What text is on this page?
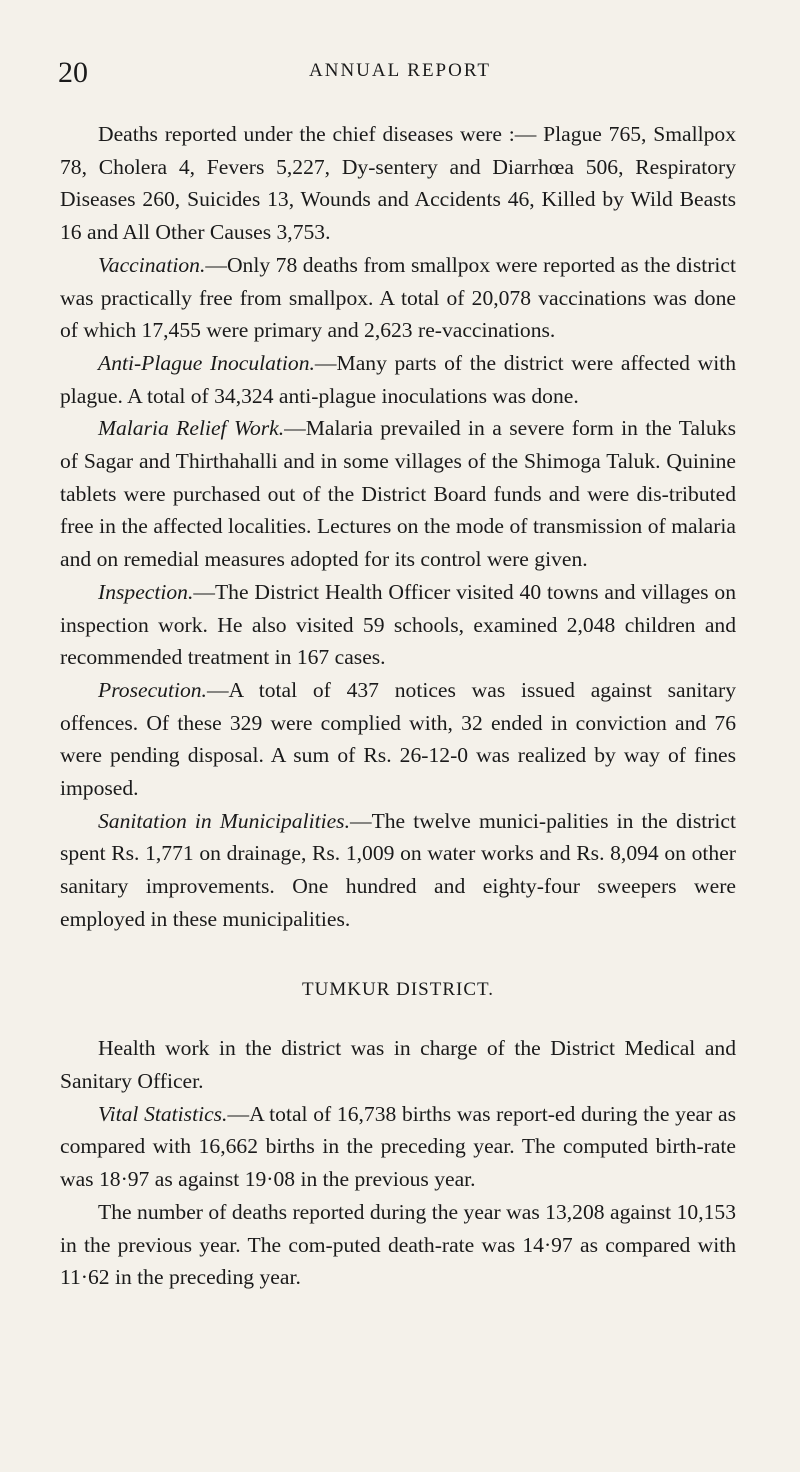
20	ANNUAL REPORT

Deaths reported under the chief diseases were :— Plague 765, Smallpox 78, Cholera 4, Fevers 5,227, Dy-sentery and Diarrhœa 506, Respiratory Diseases 260, Suicides 13, Wounds and Accidents 46, Killed by Wild Beasts 16 and All Other Causes 3,753.

Vaccination.—Only 78 deaths from smallpox were reported as the district was practically free from smallpox. A total of 20,078 vaccinations was done of which 17,455 were primary and 2,623 re-vaccinations.

Anti-Plague Inoculation.—Many parts of the district were affected with plague. A total of 34,324 anti-plague inoculations was done.

Malaria Relief Work.—Malaria prevailed in a severe form in the Taluks of Sagar and Thirthahalli and in some villages of the Shimoga Taluk. Quinine tablets were purchased out of the District Board funds and were dis-tributed free in the affected localities. Lectures on the mode of transmission of malaria and on remedial measures adopted for its control were given.

Inspection.—The District Health Officer visited 40 towns and villages on inspection work. He also visited 59 schools, examined 2,048 children and recommended treatment in 167 cases.

Prosecution.—A total of 437 notices was issued against sanitary offences. Of these 329 were complied with, 32 ended in conviction and 76 were pending disposal. A sum of Rs. 26-12-0 was realized by way of fines imposed.

Sanitation in Municipalities.—The twelve munici-palities in the district spent Rs. 1,771 on drainage, Rs. 1,009 on water works and Rs. 8,094 on other sanitary improvements. One hundred and eighty-four sweepers were employed in these municipalities.

TUMKUR DISTRICT.

Health work in the district was in charge of the District Medical and Sanitary Officer.

Vital Statistics.—A total of 16,738 births was report-ed during the year as compared with 16,662 births in the preceding year. The computed birth-rate was 18·97 as against 19·08 in the previous year.

The number of deaths reported during the year was 13,208 against 10,153 in the previous year. The com-puted death-rate was 14·97 as compared with 11·62 in the preceding year.
